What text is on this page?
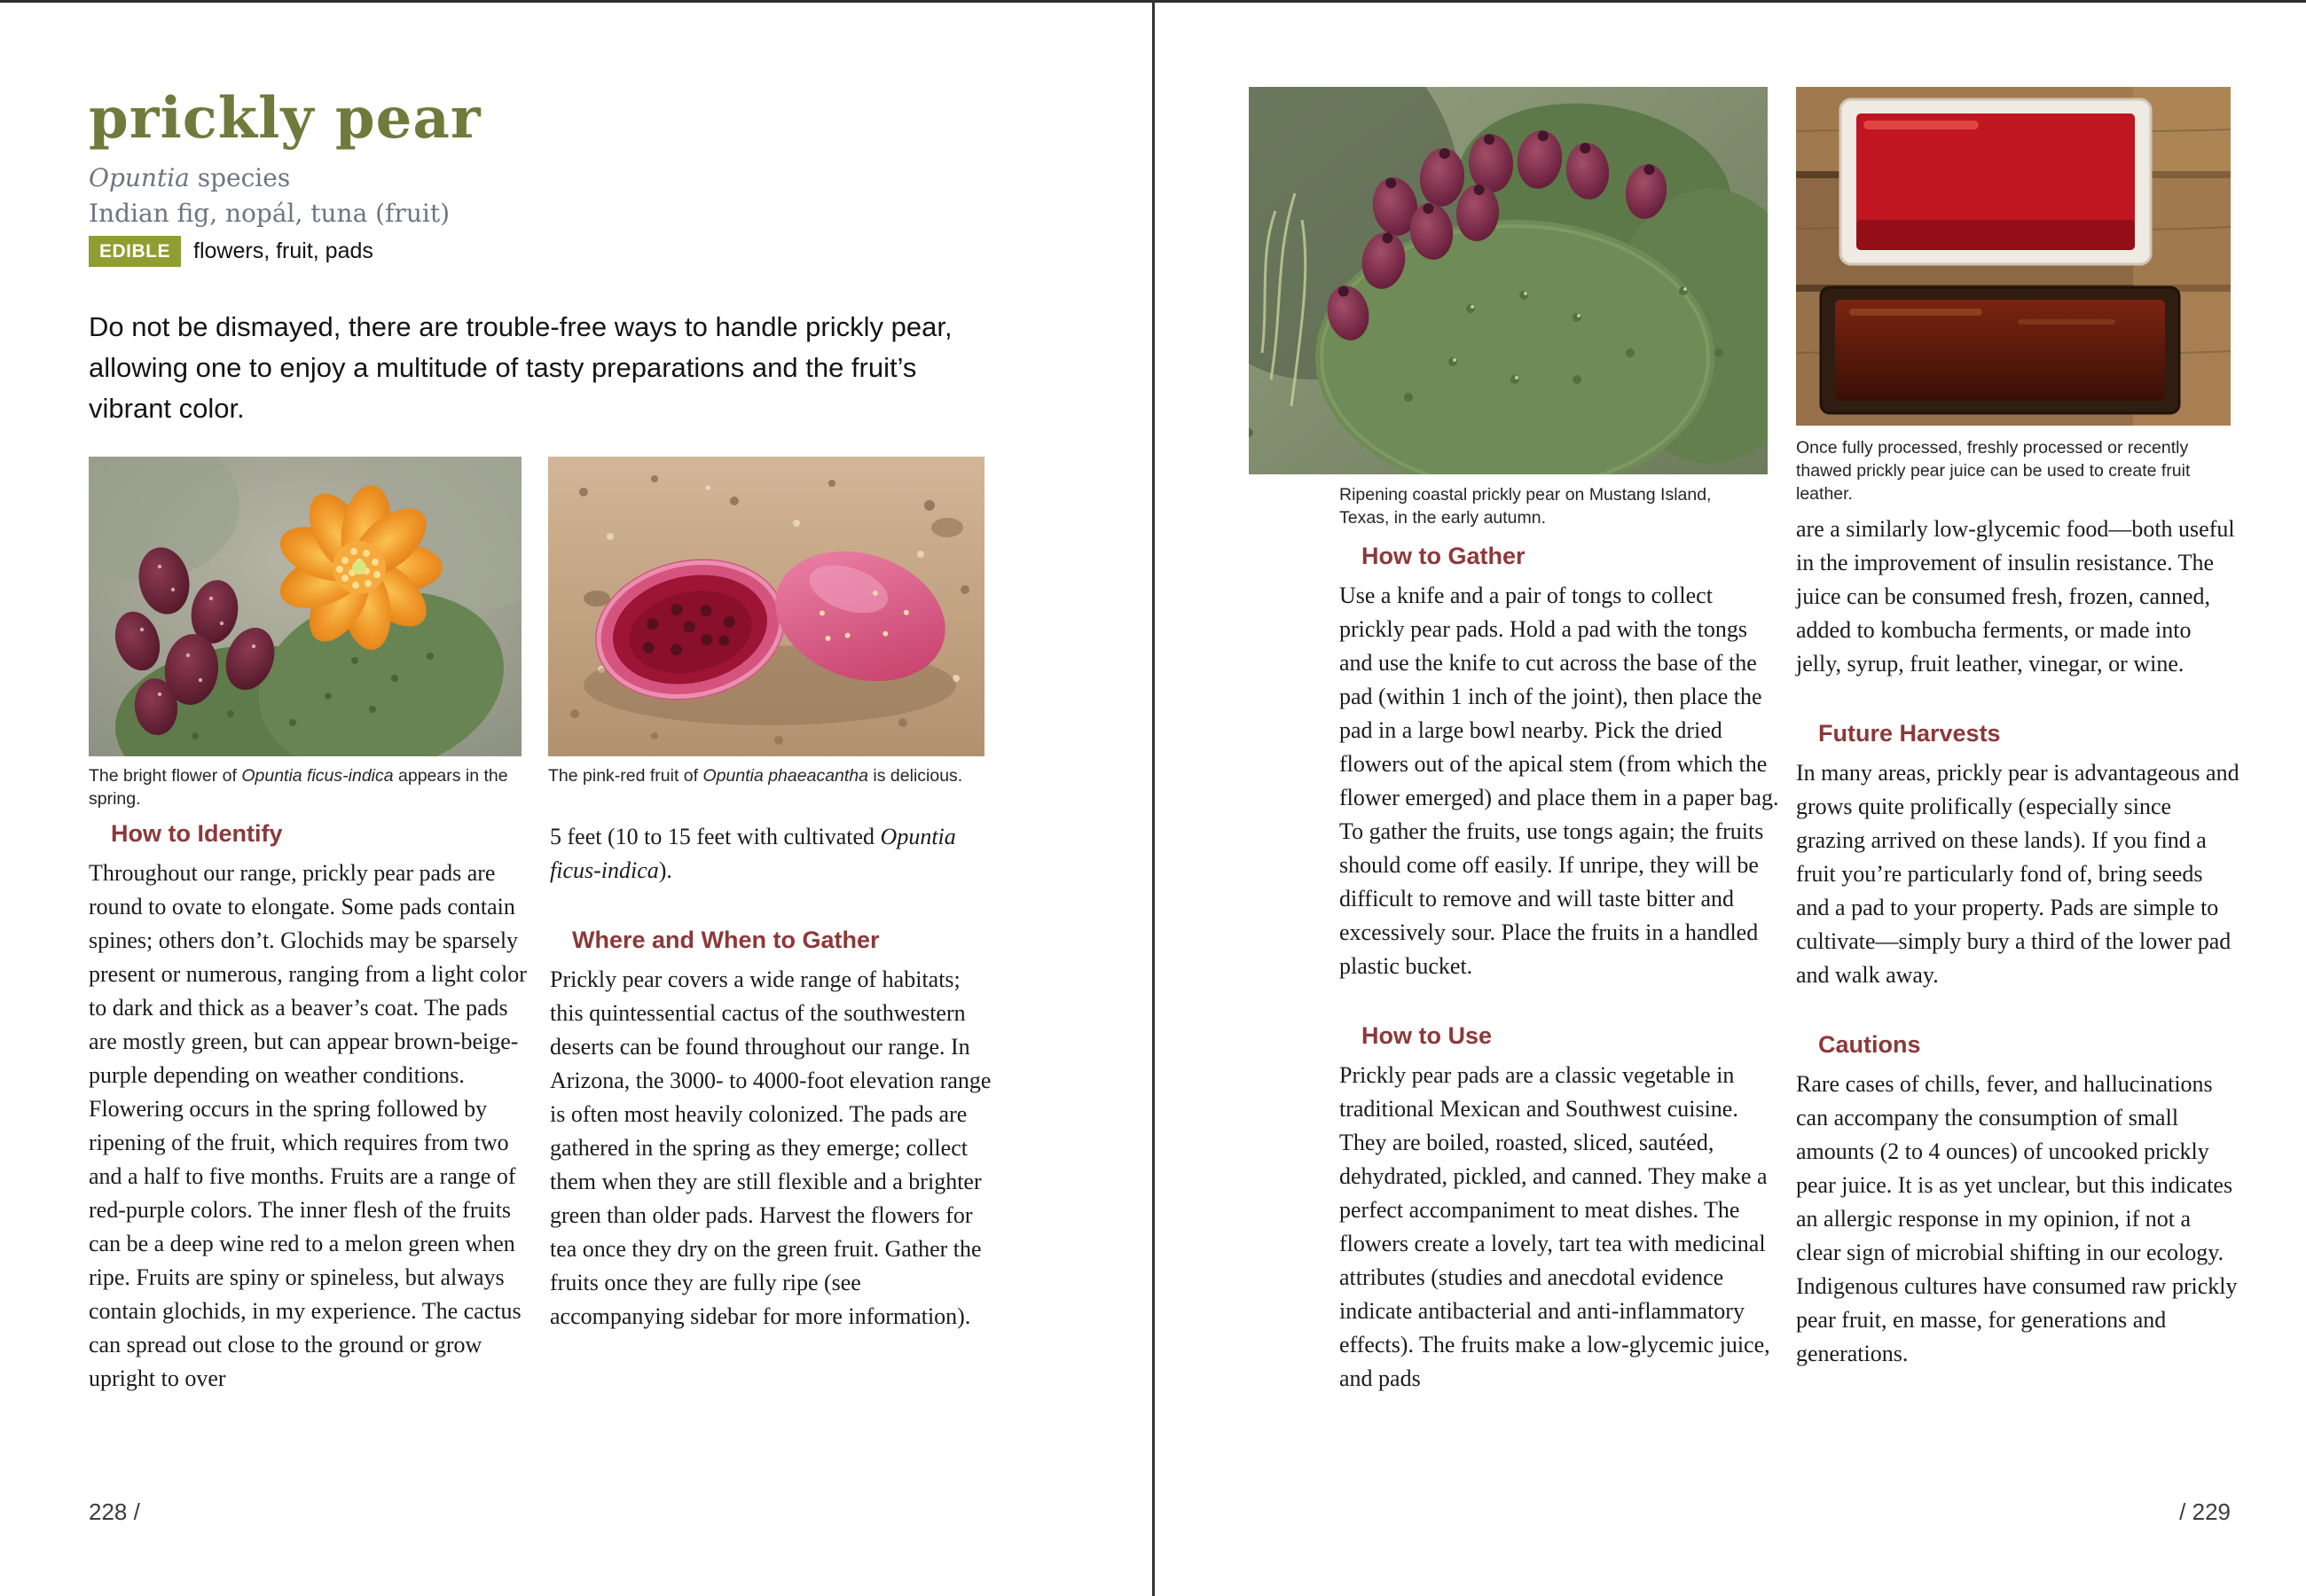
prickly pear
Opuntia species
Indian fig, nopál, tuna (fruit)
EDIBLE	flowers, fruit, pads
Do not be dismayed, there are trouble-free ways to handle prickly pear, allowing one to enjoy a multitude of tasty preparations and the fruit’s vibrant color.
The bright flower of Opuntia ficus-indica appears in the spring.
The pink-red fruit of Opuntia phaeacantha is delicious.
How to Identify

Throughout our range, prickly pear pads are round to ovate to elongate. Some pads contain spines; others don’t. Glochids may be sparsely present or numerous, ranging from a light color to dark and thick as a beaver’s coat. The pads are mostly green, but can appear brown-beige-purple depending on weather conditions. Flowering occurs in the spring followed by ripening of the fruit, which requires from two and a half to five months. Fruits are a range of red-purple colors. The inner flesh of the fruits can be a deep wine red to a melon green when ripe. Fruits are spiny or spineless, but always contain glochids, in my experience. The cactus can spread out close to the ground or grow upright to over

5 feet (10 to 15 feet with cultivated Opuntia ficus-indica).

Where and When to Gather

Prickly pear covers a wide range of habitats; this quintessential cactus of the southwestern deserts can be found throughout our range. In Arizona, the 3000- to 4000-foot elevation range is often most heavily colonized. The pads are gathered in the spring as they emerge; collect them when they are still flexible and a brighter green than older pads. Harvest the flowers for tea once they dry on the green fruit. Gather the fruits once they are fully ripe (see accompanying sidebar for more information).

228 /
Once fully processed, freshly processed or recently thawed prickly pear juice can be used to create fruit leather.
Ripening coastal prickly pear on Mustang Island, Texas, in the early autumn.
How to Gather

Use a knife and a pair of tongs to collect prickly pear pads. Hold a pad with the tongs and use the knife to cut across the base of the pad (within 1 inch of the joint), then place the pad in a large bowl nearby. Pick the dried flowers out of the apical stem (from which the flower emerged) and place them in a paper bag. To gather the fruits, use tongs again; the fruits should come off easily. If unripe, they will be difficult to remove and will taste bitter and excessively sour. Place the fruits in a handled plastic bucket.

How to Use

Prickly pear pads are a classic vegetable in traditional Mexican and Southwest cuisine. They are boiled, roasted, sliced, sautéed, dehydrated, pickled, and canned. They make a perfect accompaniment to meat dishes. The flowers create a lovely, tart tea with medicinal attributes (studies and anecdotal evidence indicate antibacterial and anti-inflammatory effects). The fruits make a low-glycemic juice, and pads

are a similarly low-glycemic food—both useful in the improvement of insulin resistance. The juice can be consumed fresh, frozen, canned, added to kombucha ferments, or made into jelly, syrup, fruit leather, vinegar, or wine.

Future Harvests

In many areas, prickly pear is advantageous and grows quite prolifically (especially since grazing arrived on these lands). If you find a fruit you’re particularly fond of, bring seeds and a pad to your property. Pads are simple to cultivate—simply bury a third of the lower pad and walk away.

Cautions

Rare cases of chills, fever, and hallucinations can accompany the consumption of small amounts (2 to 4 ounces) of uncooked prickly pear juice. It is as yet unclear, but this indicates an allergic response in my opinion, if not a clear sign of microbial shifting in our ecology. Indigenous cultures have consumed raw prickly pear fruit, en masse, for generations and generations.

/ 229
